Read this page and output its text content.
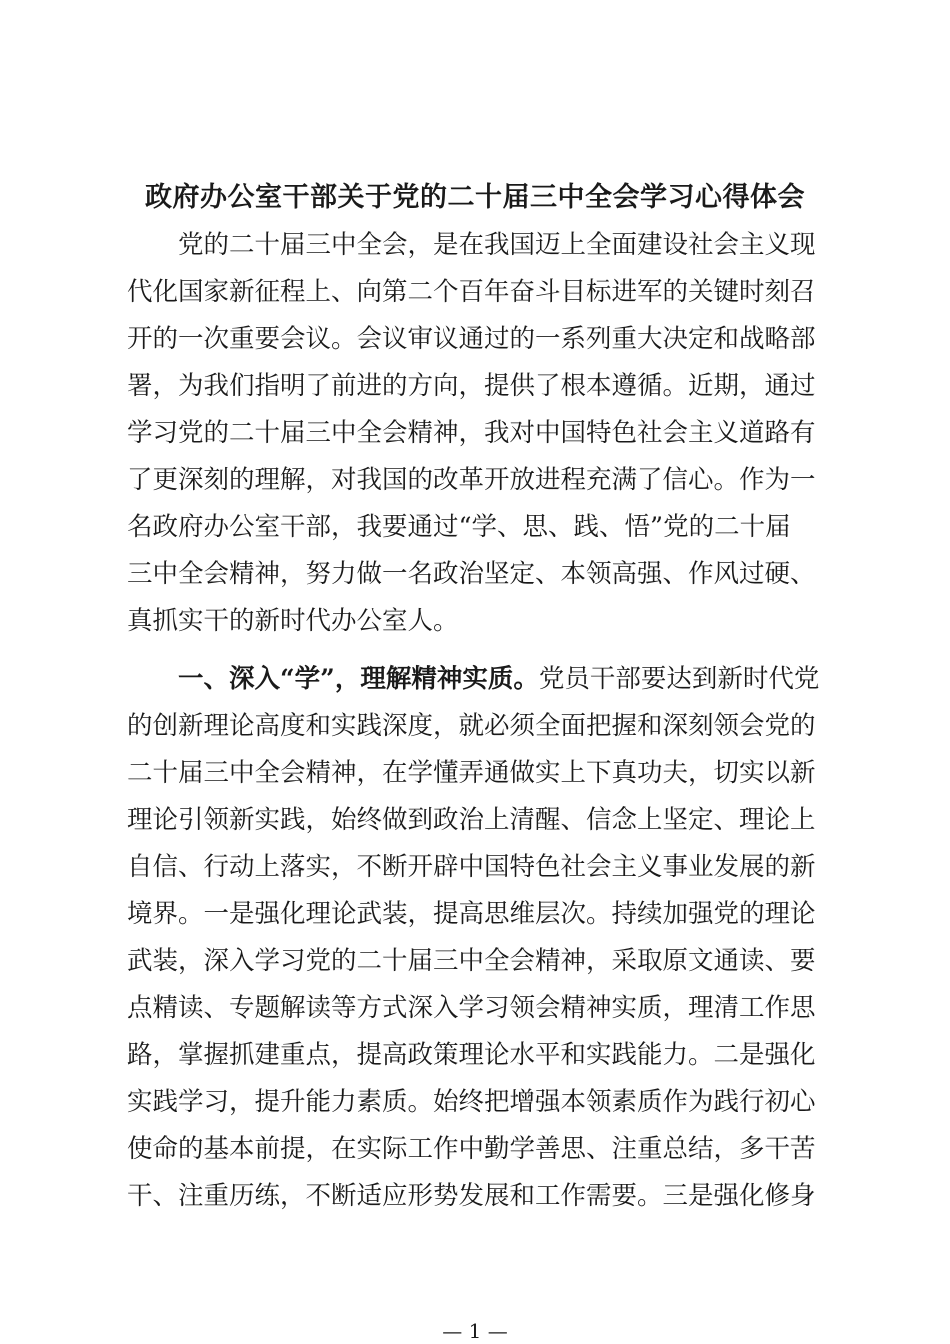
政府办公室干部关于党的二十届三中全会学习心得体会
党的二十届三中全会，是在我国迈上全面建设社会主义现
代化国家新征程上、向第二个百年奋斗目标进军的关键时刻召
开的一次重要会议。会议审议通过的一系列重大决定和战略部
署，为我们指明了前进的方向，提供了根本遵循。近期，通过
学习党的二十届三中全会精神，我对中国特色社会主义道路有
了更深刻的理解，对我国的改革开放进程充满了信心。作为一
名政府办公室干部，我要通过“学、思、践、悟”党的二十届
三中全会精神，努力做一名政治坚定、本领高强、作风过硬、
真抓实干的新时代办公室人。
一、深入“学”，理解精神实质。党员干部要达到新时代党
的创新理论高度和实践深度，就必须全面把握和深刻领会党的
二十届三中全会精神，在学懂弄通做实上下真功夫，切实以新
理论引领新实践，始终做到政治上清醒、信念上坚定、理论上
自信、行动上落实，不断开辟中国特色社会主义事业发展的新
境界。一是强化理论武装，提高思维层次。持续加强党的理论
武装，深入学习党的二十届三中全会精神，采取原文通读、要
点精读、专题解读等方式深入学习领会精神实质，理清工作思
路，掌握抓建重点，提高政策理论水平和实践能力。二是强化
实践学习，提升能力素质。始终把增强本领素质作为践行初心
使命的基本前提，在实际工作中勤学善思、注重总结，多干苦
干、注重历练，不断适应形势发展和工作需要。三是强化修身
— 1 —
